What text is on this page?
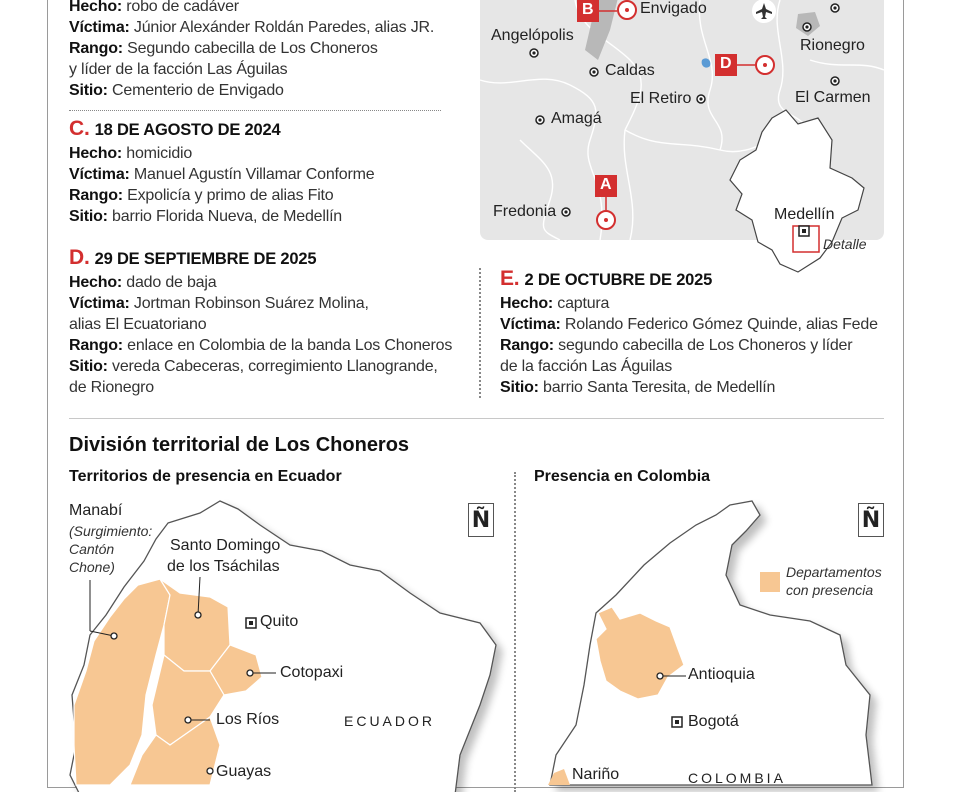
Hecho: robo de cadáver
Víctima: Júnior Alexánder Roldán Paredes, alias JR.
Rango: Segundo cabecilla de Los Choneros
y líder de la facción Las Águilas
Sitio: Cementerio de Envigado
C. 18 DE AGOSTO DE 2024
Hecho: homicidio
Víctima: Manuel Agustín Villamar Conforme
Rango: Expolicía y primo de alias Fito
Sitio: barrio Florida Nueva, de Medellín
D. 29 DE SEPTIEMBRE DE 2025
Hecho: dado de baja
Víctima: Jortman Robinson Suárez Molina,
alias El Ecuatoriano
Rango: enlace en Colombia de la banda Los Choneros
Sitio: vereda Cabeceras, corregimiento Llanogrande,
de Rionegro
E. 2 DE OCTUBRE DE 2025
Hecho: captura
Víctima: Rolando Federico Gómez Quinde, alias Fede
Rango: segundo cabecilla de Los Choneros y líder
de la facción Las Águilas
Sitio: barrio Santa Teresita, de Medellín
Envigado
Angelópolis
Caldas
Amagá
El Retiro
Rionegro
El Carmen
Fredonia
B
D
A
Medellín
Detalle
División territorial de Los Choneros
Territorios de presencia en Ecuador	Presencia en Colombia
Ñ
Manabí
(Surgimiento:
Cantón
Chone)
Santo Domingo
de los Tsáchilas
Quito
Cotopaxi
Los Ríos
Guayas
ECUADOR
Ñ
Departamentos
con presencia
Antioquia
Bogotá
Nariño	COLOMBIA
